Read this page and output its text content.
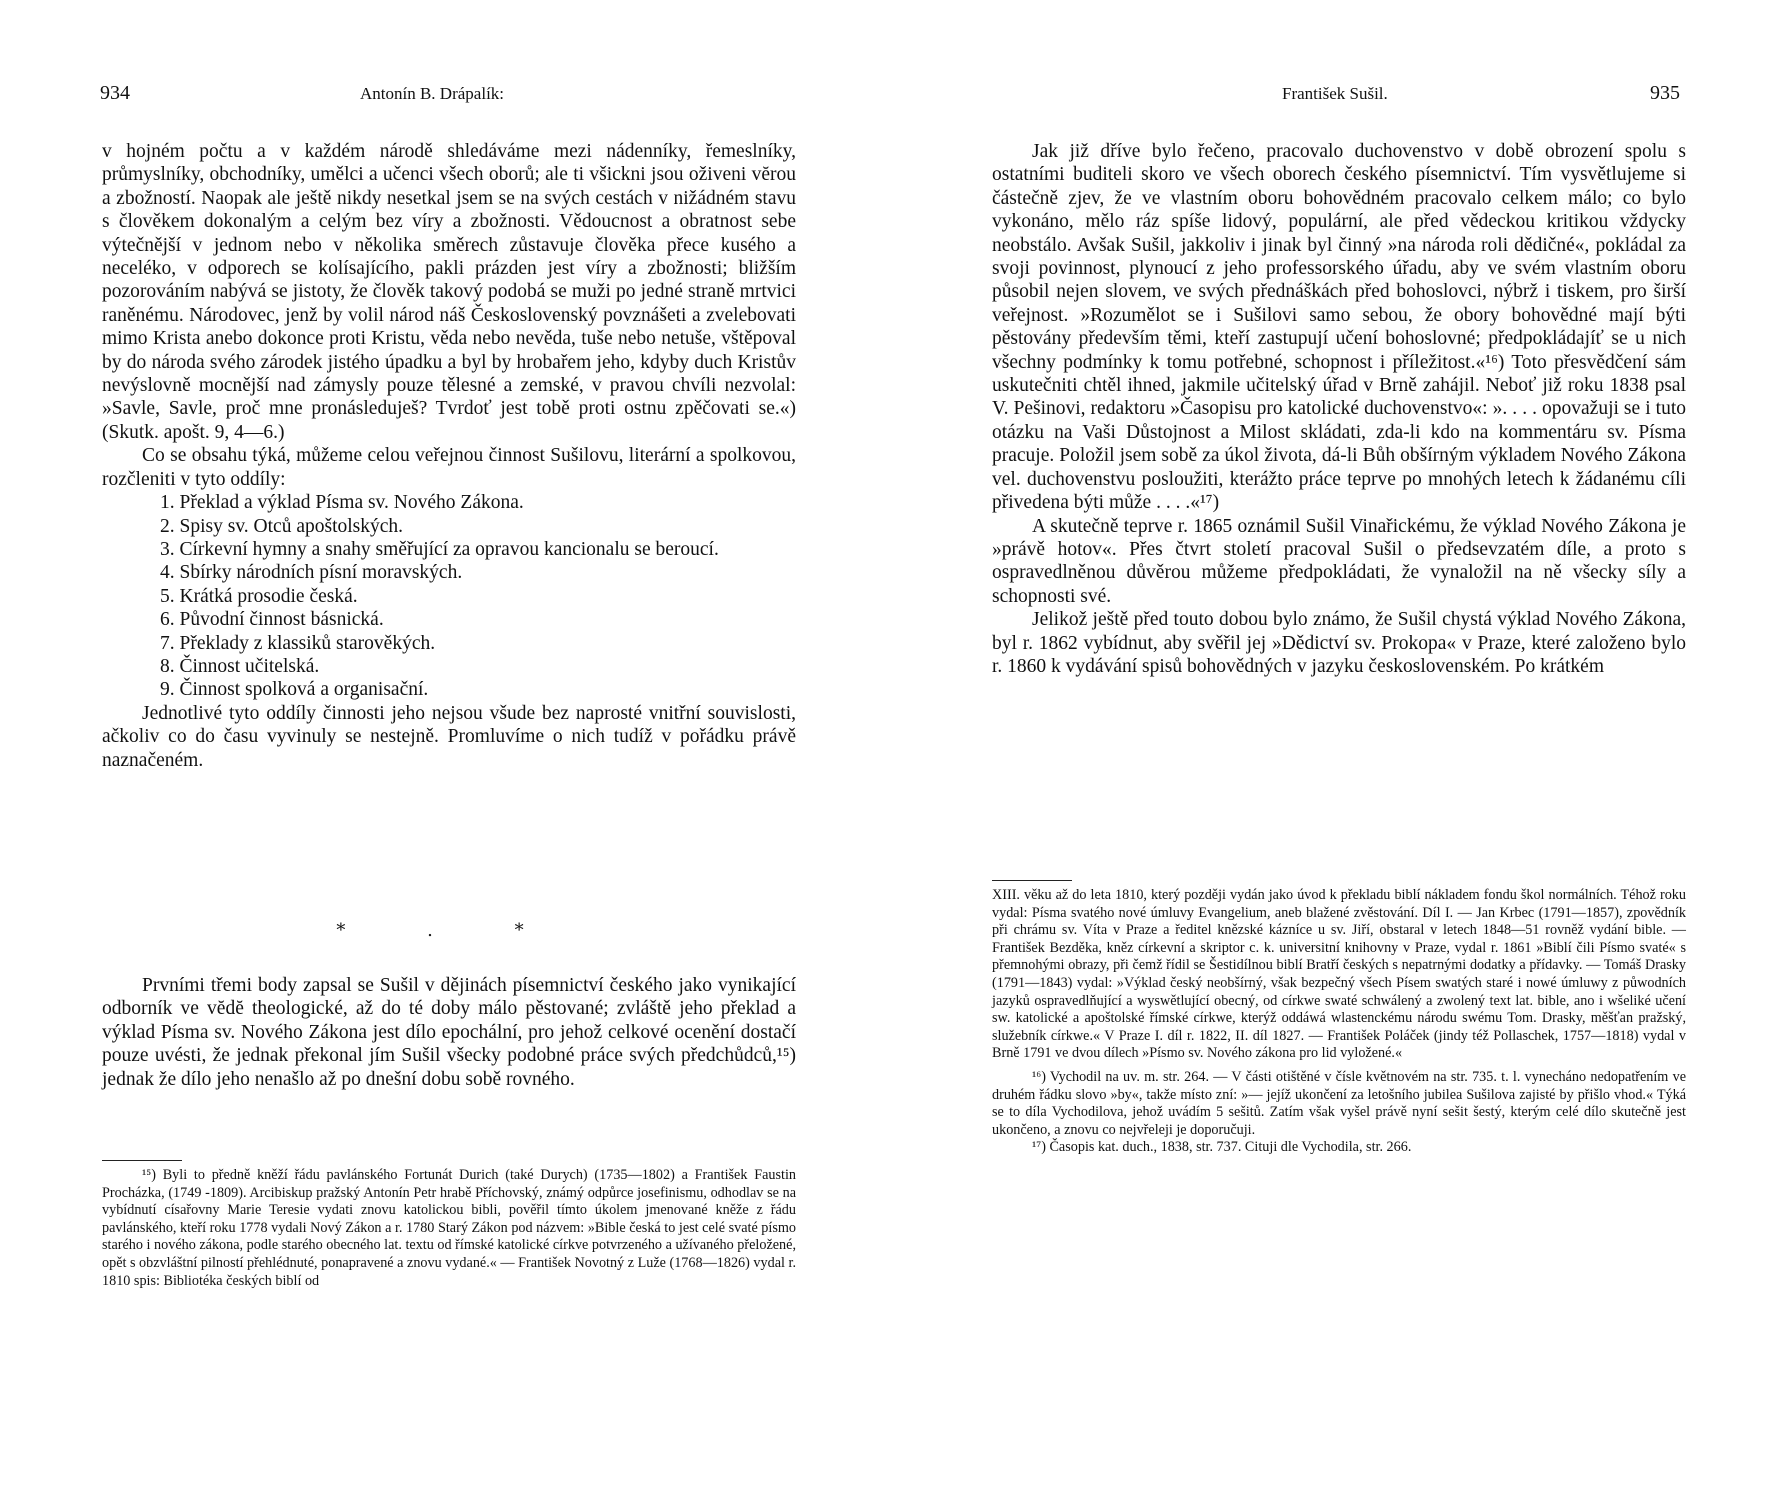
934	Antonín B. Drápalík:

v hojném počtu a v každém národě shledáváme mezi nádenníky, řemeslníky, průmyslníky, obchodníky, umělci a učenci všech oborů; ale ti všickni jsou oživeni vĕrou a zbožností. Naopak ale ještě nikdy nesetkal jsem se na svých cestách v nižádném stavu s člověkem dokonalým a celým bez víry a zbožnosti. Vědoucnost a obratnost sebe výtečnější v jednom nebo v několika směrech zůstavuje člověka přece kusého a neceléko, v odporech se kolísajícího, pakli prázden jest víry a zbožnosti; bližším pozorováním nabývá se jistoty, že člověk takový podobá se muži po jedné straně mrtvici raněnému. Národovec, jenž by volil národ náš Československý povznášeti a zvelebovati mimo Krista anebo dokonce proti Kristu, věda nebo nevěda, tuše nebo netuše, vštěpoval by do národa svého zárodek jistého úpadku a byl by hrobařem jeho, kdyby duch Kristův nevýslovně mocnější nad zámysly pouze tělesné a zemské, v pravou chvíli nezvolal: »Savle, Savle, proč mne pronásleduješ? Tvrdoť jest tobě proti ostnu zpěčovati se.«) (Skutk. apošt. 9, 4—6.)

Co se obsahu týká, můžeme celou veřejnou činnost Sušilovu, literární a spolkovou, rozčleniti v tyto oddíly:

1. Překlad a výklad Písma sv. Nového Zákona.
2. Spisy sv. Otců apoštolských.
3. Církevní hymny a snahy směřující za opravou kancionalu se beroucí.
4. Sbírky národních písní moravských.
5. Krátká prosodie česká.
6. Původní činnost básnická.
7. Překlady z klassiků starověkých.
8. Činnost učitelská.
9. Činnost spolková a organisační.

Jednotlivé tyto oddíly činnosti jeho nejsou všude bez naprosté vnitřní souvislosti, ačkoliv co do času vyvinuly se nestejně. Promluvíme o nich tudíž v pořádku právě naznačeném.

* . *

Prvními třemi body zapsal se Sušil v dějinách písemnictví českého jako vynikající odborník ve vĕdĕ theologické, až do té doby málo pěstované; zvláště jeho překlad a výklad Písma sv. Nového Zákona jest dílo epochální, pro jehož celkové ocenění dostačí pouze uvésti, že jednak překonal jím Sušil všecky podobné práce svých předchůdců,¹⁵) jednak že dílo jeho nenašlo až po dnešní dobu sobě rovného.

¹⁵) Byli to předně kněží řádu pavlánského Fortunát Durich (také Durych) (1735—1802) a František Faustin Procházka, (1749 -1809). Arcibiskup pražský Antonín Petr hrabě Příchovský, známý odpůrce josefinismu, odhodlav se na vybídnutí císařovny Marie Teresie vydati znovu katolickou bibli, pověřil tímto úkolem jmenované kněže z řádu pavlánského, kteří roku 1778 vydali Nový Zákon a r. 1780 Starý Zákon pod názvem: »Bible česká to jest celé svaté písmo starého i nového zákona, podle starého obecného lat. textu od římské katolické církve potvrzeného a užívaného přeložené, opět s obzvláštní pilností přehlédnuté, ponapravené a znovu vydané.« — František Novotný z Luže (1768—1826) vydal r. 1810 spis: Bibliotéka českých biblí od

František Sušil.	935

Jak již dříve bylo řečeno, pracovalo duchovenstvo v době obrození spolu s ostatními buditeli skoro ve všech oborech českého písemnictví. Tím vysvětlujeme si částečně zjev, že ve vlastním oboru bohovědném pracovalo celkem málo; co bylo vykonáno, mělo ráz spíše lidový, populární, ale před vědeckou kritikou vždycky neobstálo. Avšak Sušil, jakkoliv i jinak byl činný »na národa roli dědičné«, pokládal za svoji povinnost, plynoucí z jeho professorského úřadu, aby ve svém vlastním oboru působil nejen slovem, ve svých přednáškách před bohoslovci, nýbrž i tiskem, pro širší veřejnost. »Rozumělot se i Sušilovi samo sebou, že obory bohovědné mají býti pěstovány především těmi, kteří zastupují učení bohoslovné; předpokládajíť se u nich všechny podmínky k tomu potřebné, schopnost i příležitost.«¹⁶) Toto přesvědčení sám uskutečniti chtěl ihned, jakmile učitelský úřad v Brně zahájil. Neboť již roku 1838 psal V. Pešinovi, redaktoru »Časopisu pro katolické duchovenstvo«: ». . . . opovažuji se i tuto otázku na Vaši Důstojnost a Milost skládati, zda-li kdo na kommentáru sv. Písma pracuje. Položil jsem sobě za úkol života, dá-li Bůh obšírným výkladem Nového Zákona vel. duchovenstvu posloužiti, kterážto práce teprve po mnohých letech k žádanému cíli přivedena býti může . . . .«¹⁷)

A skutečně teprve r. 1865 oznámil Sušil Vinařickému, že výklad Nového Zákona je »právě hotov«. Přes čtvrt století pracoval Sušil o předsevzatém díle, a proto s ospravedlněnou důvěrou můžeme předpokládati, že vynaložil na ně všecky síly a schopnosti své.

Jelikož ještě před touto dobou bylo známo, že Sušil chystá výklad Nového Zákona, byl r. 1862 vybídnut, aby svěřil jej »Dědictví sv. Prokopa« v Praze, které založeno bylo r. 1860 k vydávání spisů bohovědných v jazyku československém. Po krátkém

XIII. věku až do leta 1810, který později vydán jako úvod k překladu biblí nákladem fondu škol normálních. Téhož roku vydal: Písma svatého nové úmluvy Evangelium, aneb blažené zvěstování. Díl I. — Jan Krbec (1791—1857), zpovědník při chrámu sv. Víta v Praze a ředitel knězské kázníce u sv. Jiří, obstaral v letech 1848—51 rovněž vydání bible. — František Bezděka, kněz církevní a skriptor c. k. universitní knihovny v Praze, vydal r. 1861 »Biblí čili Písmo svaté« s přemnohými obrazy, při čemž řídil se Šestidílnou biblí Bratří českých s nepatrnými dodatky a přídavky. — Tomáš Drasky (1791—1843) vydal: »Výklad český neobšírný, však bezpečný všech Písem swatých staré i nowé úmluwy z půwodních jazyků ospravedlňující a wyswětlující obecný, od církwe swaté schwálený a zwolený text lat. bible, ano i wšeliké učení sw. katolické a apoštolské římské církwe, kterýž oddáwá wlastenckému národu swému Tom. Drasky, měšťan pražský, služebník církwe.« V Praze I. díl r. 1822, II. díl 1827. — František Poláček (jindy též Pollaschek, 1757—1818) vydal v Brně 1791 ve dvou dílech »Písmo sv. Nového zákona pro lid vyložené.«

¹⁶) Vychodil na uv. m. str. 264. — V části otištěné v čísle květnovém na str. 735. t. l. vynecháno nedopatřením ve druhém řádku slovo »by«, takže místo zní: »— jejíž ukončení za letošního jubilea Sušilova zajisté by přišlo vhod.« Týká se to díla Vychodilova, jehož uvádím 5 sešitů. Zatím však vyšel právě nyní sešit šestý, kterým celé dílo skutečně jest ukončeno, a znovu co nejvřeleji je doporučuji.

¹⁷) Časopis kat. duch., 1838, str. 737. Cituji dle Vychodila, str. 266.
